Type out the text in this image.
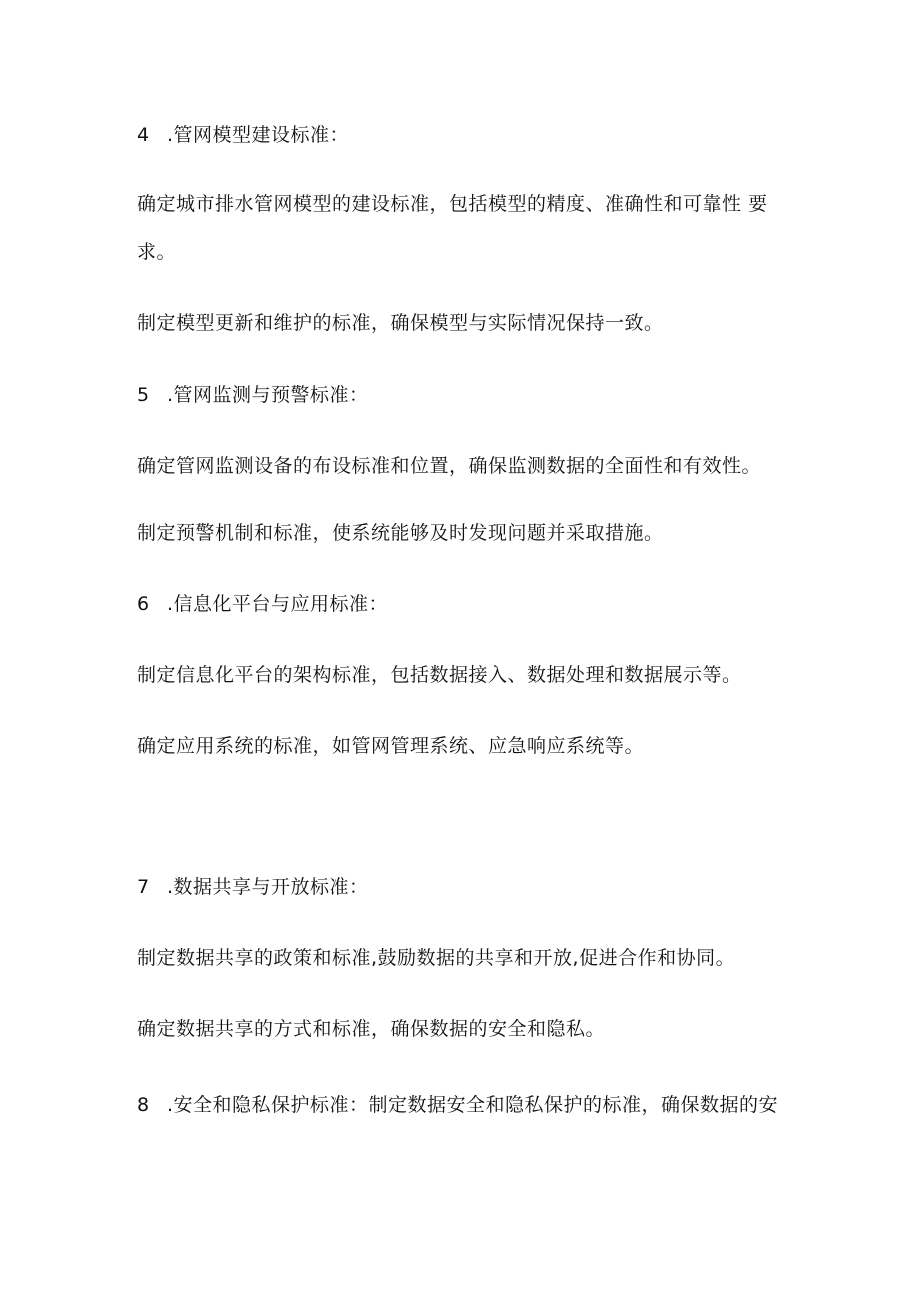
4 .管网模型建设标准：
确定城市排水管网模型的建设标准，包括模型的精度、准确性和可靠性 要
求。
制定模型更新和维护的标准，确保模型与实际情况保持一致。
5 .管网监测与预警标准：
确定管网监测设备的布设标准和位置，确保监测数据的全面性和有效性。
制定预警机制和标准，使系统能够及时发现问题并采取措施。
6 .信息化平台与应用标准：
制定信息化平台的架构标准，包括数据接入、数据处理和数据展示等。
确定应用系统的标准，如管网管理系统、应急响应系统等。
7 .数据共享与开放标准：
制定数据共享的政策和标准,鼓励数据的共享和开放,促进合作和协同。
确定数据共享的方式和标准，确保数据的安全和隐私。
8 .安全和隐私保护标准：制定数据安全和隐私保护的标准，确保数据的安
